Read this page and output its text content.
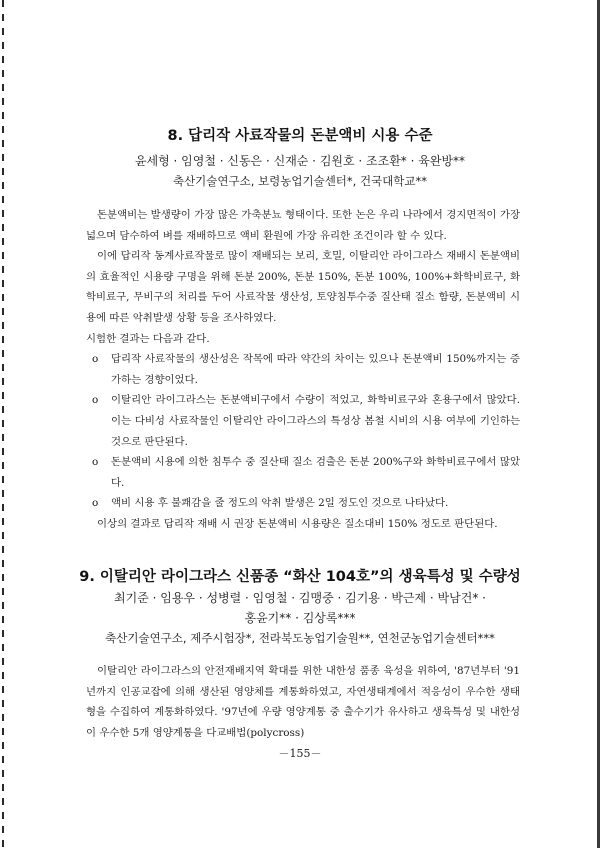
8. 답리작 사료작물의 돈분액비 시용 수준
윤세형 · 임영철 · 신동은 · 신재순 · 김원호 · 조조환* · 육완방**
축산기술연구소, 보령농업기술센터*, 건국대학교**

돈분액비는 발생량이 가장 많은 가축분뇨 형태이다. 또한 논은 우리 나라에서 경지면적이 가장 넓으며 담수하여 벼를 재배하므로 액비 환원에 가장 유리한 조건이라 할 수 있다.

이에 답리작 동계사료작물로 많이 재배되는 보리, 호밀, 이탈리안 라이그라스 재배시 돈분액비의 효율적인 시용량 구명을 위해 돈분 200%, 돈분 150%, 돈분 100%, 100%+화학비료구, 화학비료구, 무비구의 처리를 두어 사료작물 생산성, 토양침투수중 질산태 질소 함량, 돈분액비 시용에 따른 악취발생 상황 등을 조사하였다.

시험한 결과는 다음과 같다.

o 답리작 사료작물의 생산성은 작목에 따라 약간의 차이는 있으나 돈분액비 150%까지는 증가하는 경향이었다.
o 이탈리안 라이그라스는 돈분액비구에서 수량이 적었고, 화학비료구와 혼용구에서 많았다. 이는 다비성 사료작물인 이탈리안 라이그라스의 특성상 봄철 시비의 시용 여부에 기인하는 것으로 판단된다.
o 돈분액비 시용에 의한 침투수 중 질산태 질소 검출은 돈분 200%구와 화학비료구에서 많았다.
o 액비 시용 후 불쾌감을 줄 정도의 악취 발생은 2일 정도인 것으로 나타났다.

이상의 결과로 답리작 재배 시 권장 돈분액비 시용량은 질소대비 150% 정도로 판단된다.

9. 이탈리안 라이그라스 신품종 “화산 104호”의 생육특성 및 수량성
최기준 · 임용우 · 성병렬 · 임영철 · 김맹중 · 김기용 · 박근제 · 박남건* ·
홍윤기** · 김상록***
축산기술연구소, 제주시험장*, 전라북도농업기술원**, 연천군농업기술센터***

이탈리안 라이그라스의 안전재배지역 확대를 위한 내한성 품종 육성을 위하여, '87년부터 '91년까지 인공교잡에 의해 생산된 영양체를 계통화하였고, 자연생태계에서 적응성이 우수한 생태형을 수집하여 계통화하였다. '97년에 우량 영양계통 중 출수기가 유사하고 생육특성 및 내한성이 우수한 5개 영양계통을 다교배법(polycross)

－155－
